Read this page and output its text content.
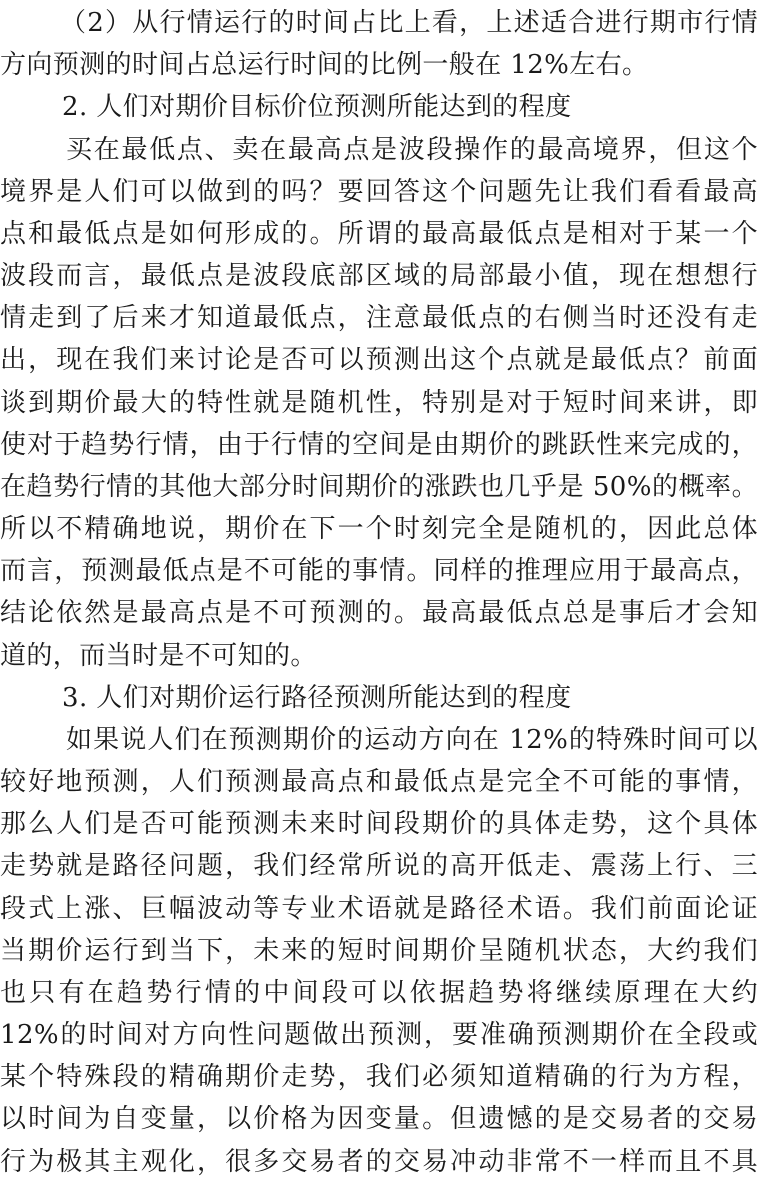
（2）从行情运行的时间占比上看，上述适合进行期市行情
方向预测的时间占总运行时间的比例一般在 12%左右。
2. 人们对期价目标价位预测所能达到的程度
买在最低点、卖在最高点是波段操作的最高境界，但这个
境界是人们可以做到的吗？要回答这个问题先让我们看看最高
点和最低点是如何形成的。所谓的最高最低点是相对于某一个
波段而言，最低点是波段底部区域的局部最小值，现在想想行
情走到了后来才知道最低点，注意最低点的右侧当时还没有走
出，现在我们来讨论是否可以预测出这个点就是最低点？前面
谈到期价最大的特性就是随机性，特别是对于短时间来讲，即
使对于趋势行情，由于行情的空间是由期价的跳跃性来完成的，
在趋势行情的其他大部分时间期价的涨跌也几乎是 50%的概率。
所以不精确地说，期价在下一个时刻完全是随机的，因此总体
而言，预测最低点是不可能的事情。同样的推理应用于最高点，
结论依然是最高点是不可预测的。最高最低点总是事后才会知
道的，而当时是不可知的。
3. 人们对期价运行路径预测所能达到的程度
如果说人们在预测期价的运动方向在 12%的特殊时间可以
较好地预测，人们预测最高点和最低点是完全不可能的事情，
那么人们是否可能预测未来时间段期价的具体走势，这个具体
走势就是路径问题，我们经常所说的高开低走、震荡上行、三
段式上涨、巨幅波动等专业术语就是路径术语。我们前面论证
当期价运行到当下，未来的短时间期价呈随机状态，大约我们
也只有在趋势行情的中间段可以依据趋势将继续原理在大约
12%的时间对方向性问题做出预测，要准确预测期价在全段或
某个特殊段的精确期价走势，我们必须知道精确的行为方程，
以时间为自变量，以价格为因变量。但遗憾的是交易者的交易
行为极其主观化，很多交易者的交易冲动非常不一样而且不具
